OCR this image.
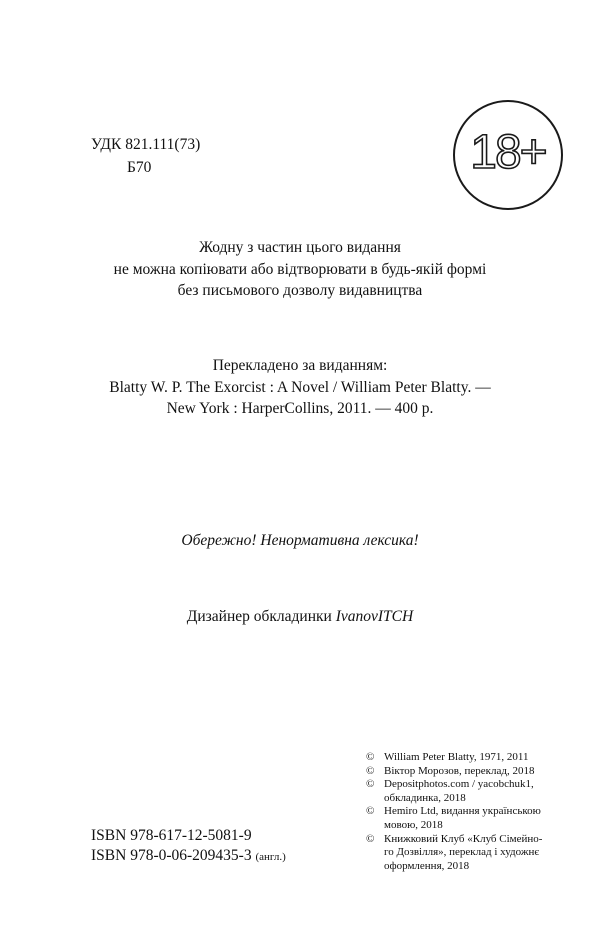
УДК 821.111(73)
Б70	18+
Жодну з частин цього видання
не можна копіювати або відтворювати в будь-якій формі
без письмового дозволу видавництва
Перекладено за виданням:
Blatty W. P. The Exorcist : A Novel / William Peter Blatty. —
New York : HarperCollins, 2011. — 400 p.
Обережно! Ненормативна лексика!
Дизайнер обкладинки IvanovITCH
© William Peter Blatty, 1971, 2011
© Віктор Морозов, переклад, 2018
© Depositphotos.com / yacobchuk1,
обкладинка, 2018
© Hemiro Ltd, видання українською
мовою, 2018
© Книжковий Клуб «Клуб Сімейно-
го Дозвілля», переклад і художнє
оформлення, 2018
ISBN 978-617-12-5081-9
ISBN 978-0-06-209435-3 (англ.)
